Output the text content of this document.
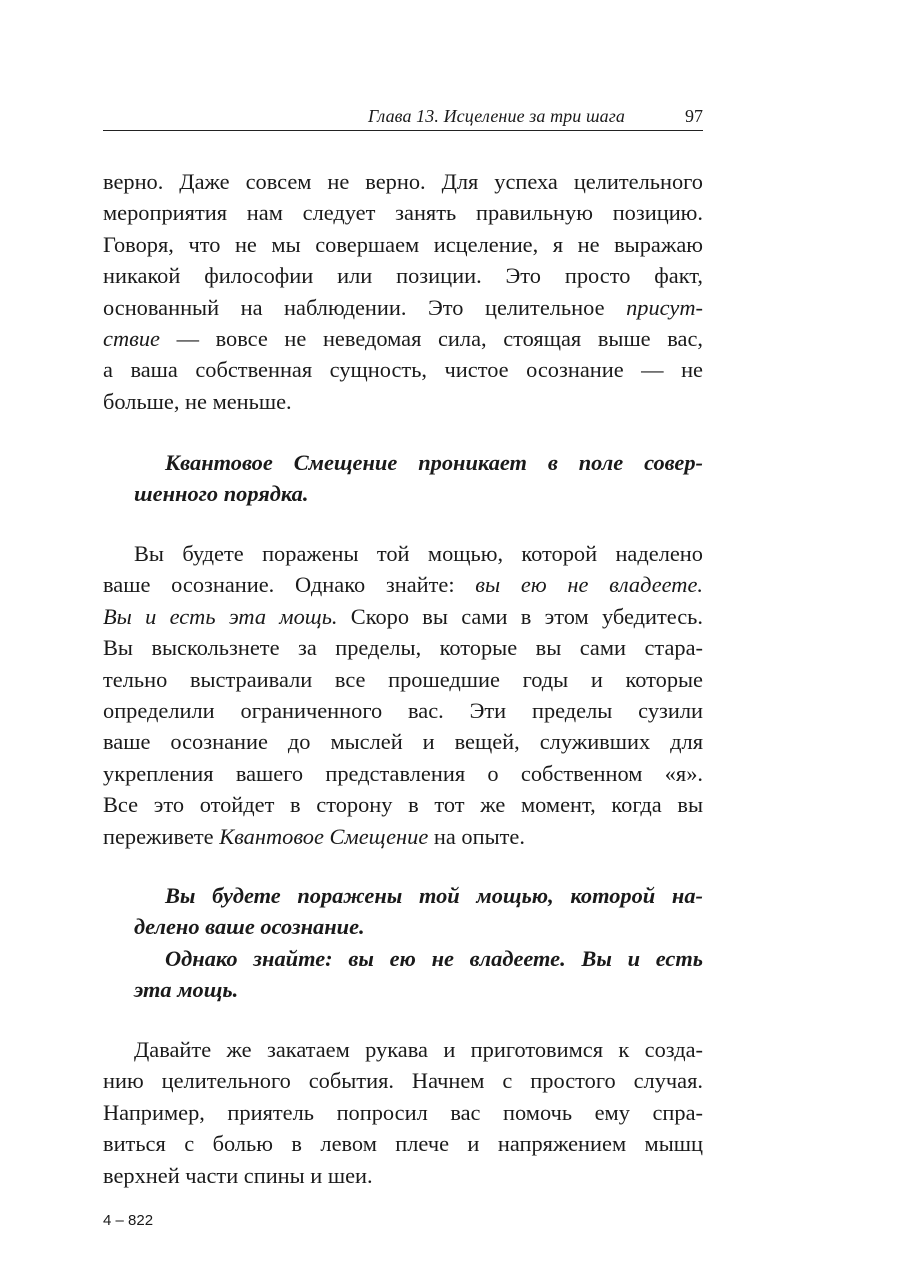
Глава 13. Исцеление за три шага	97
верно. Даже совсем не верно. Для успеха целительного
мероприятия нам следует занять правильную позицию.
Говоря, что не мы совершаем исцеление, я не выражаю
никакой философии или позиции. Это просто факт,
основанный на наблюдении. Это целительное присут-
ствие — вовсе не неведомая сила, стоящая выше вас,
а ваша собственная сущность, чистое осознание — не
больше, не меньше.
Квантовое Смещение проникает в поле совер-
шенного порядка.
Вы будете поражены той мощью, которой наделено
ваше осознание. Однако знайте: вы ею не владеете.
Вы и есть эта мощь. Скоро вы сами в этом убедитесь.
Вы выскользнете за пределы, которые вы сами стара-
тельно выстраивали все прошедшие годы и которые
определили ограниченного вас. Эти пределы сузили
ваше осознание до мыслей и вещей, служивших для
укрепления вашего представления о собственном «я».
Все это отойдет в сторону в тот же момент, когда вы
переживете Квантовое Смещение на опыте.
Вы будете поражены той мощью, которой на-
делено ваше осознание.
Однако знайте: вы ею не владеете. Вы и есть
эта мощь.
Давайте же закатаем рукава и приготовимся к созда-
нию целительного события. Начнем с простого случая.
Например, приятель попросил вас помочь ему спра-
виться с болью в левом плече и напряжением мышц
верхней части спины и шеи.
4 – 822
